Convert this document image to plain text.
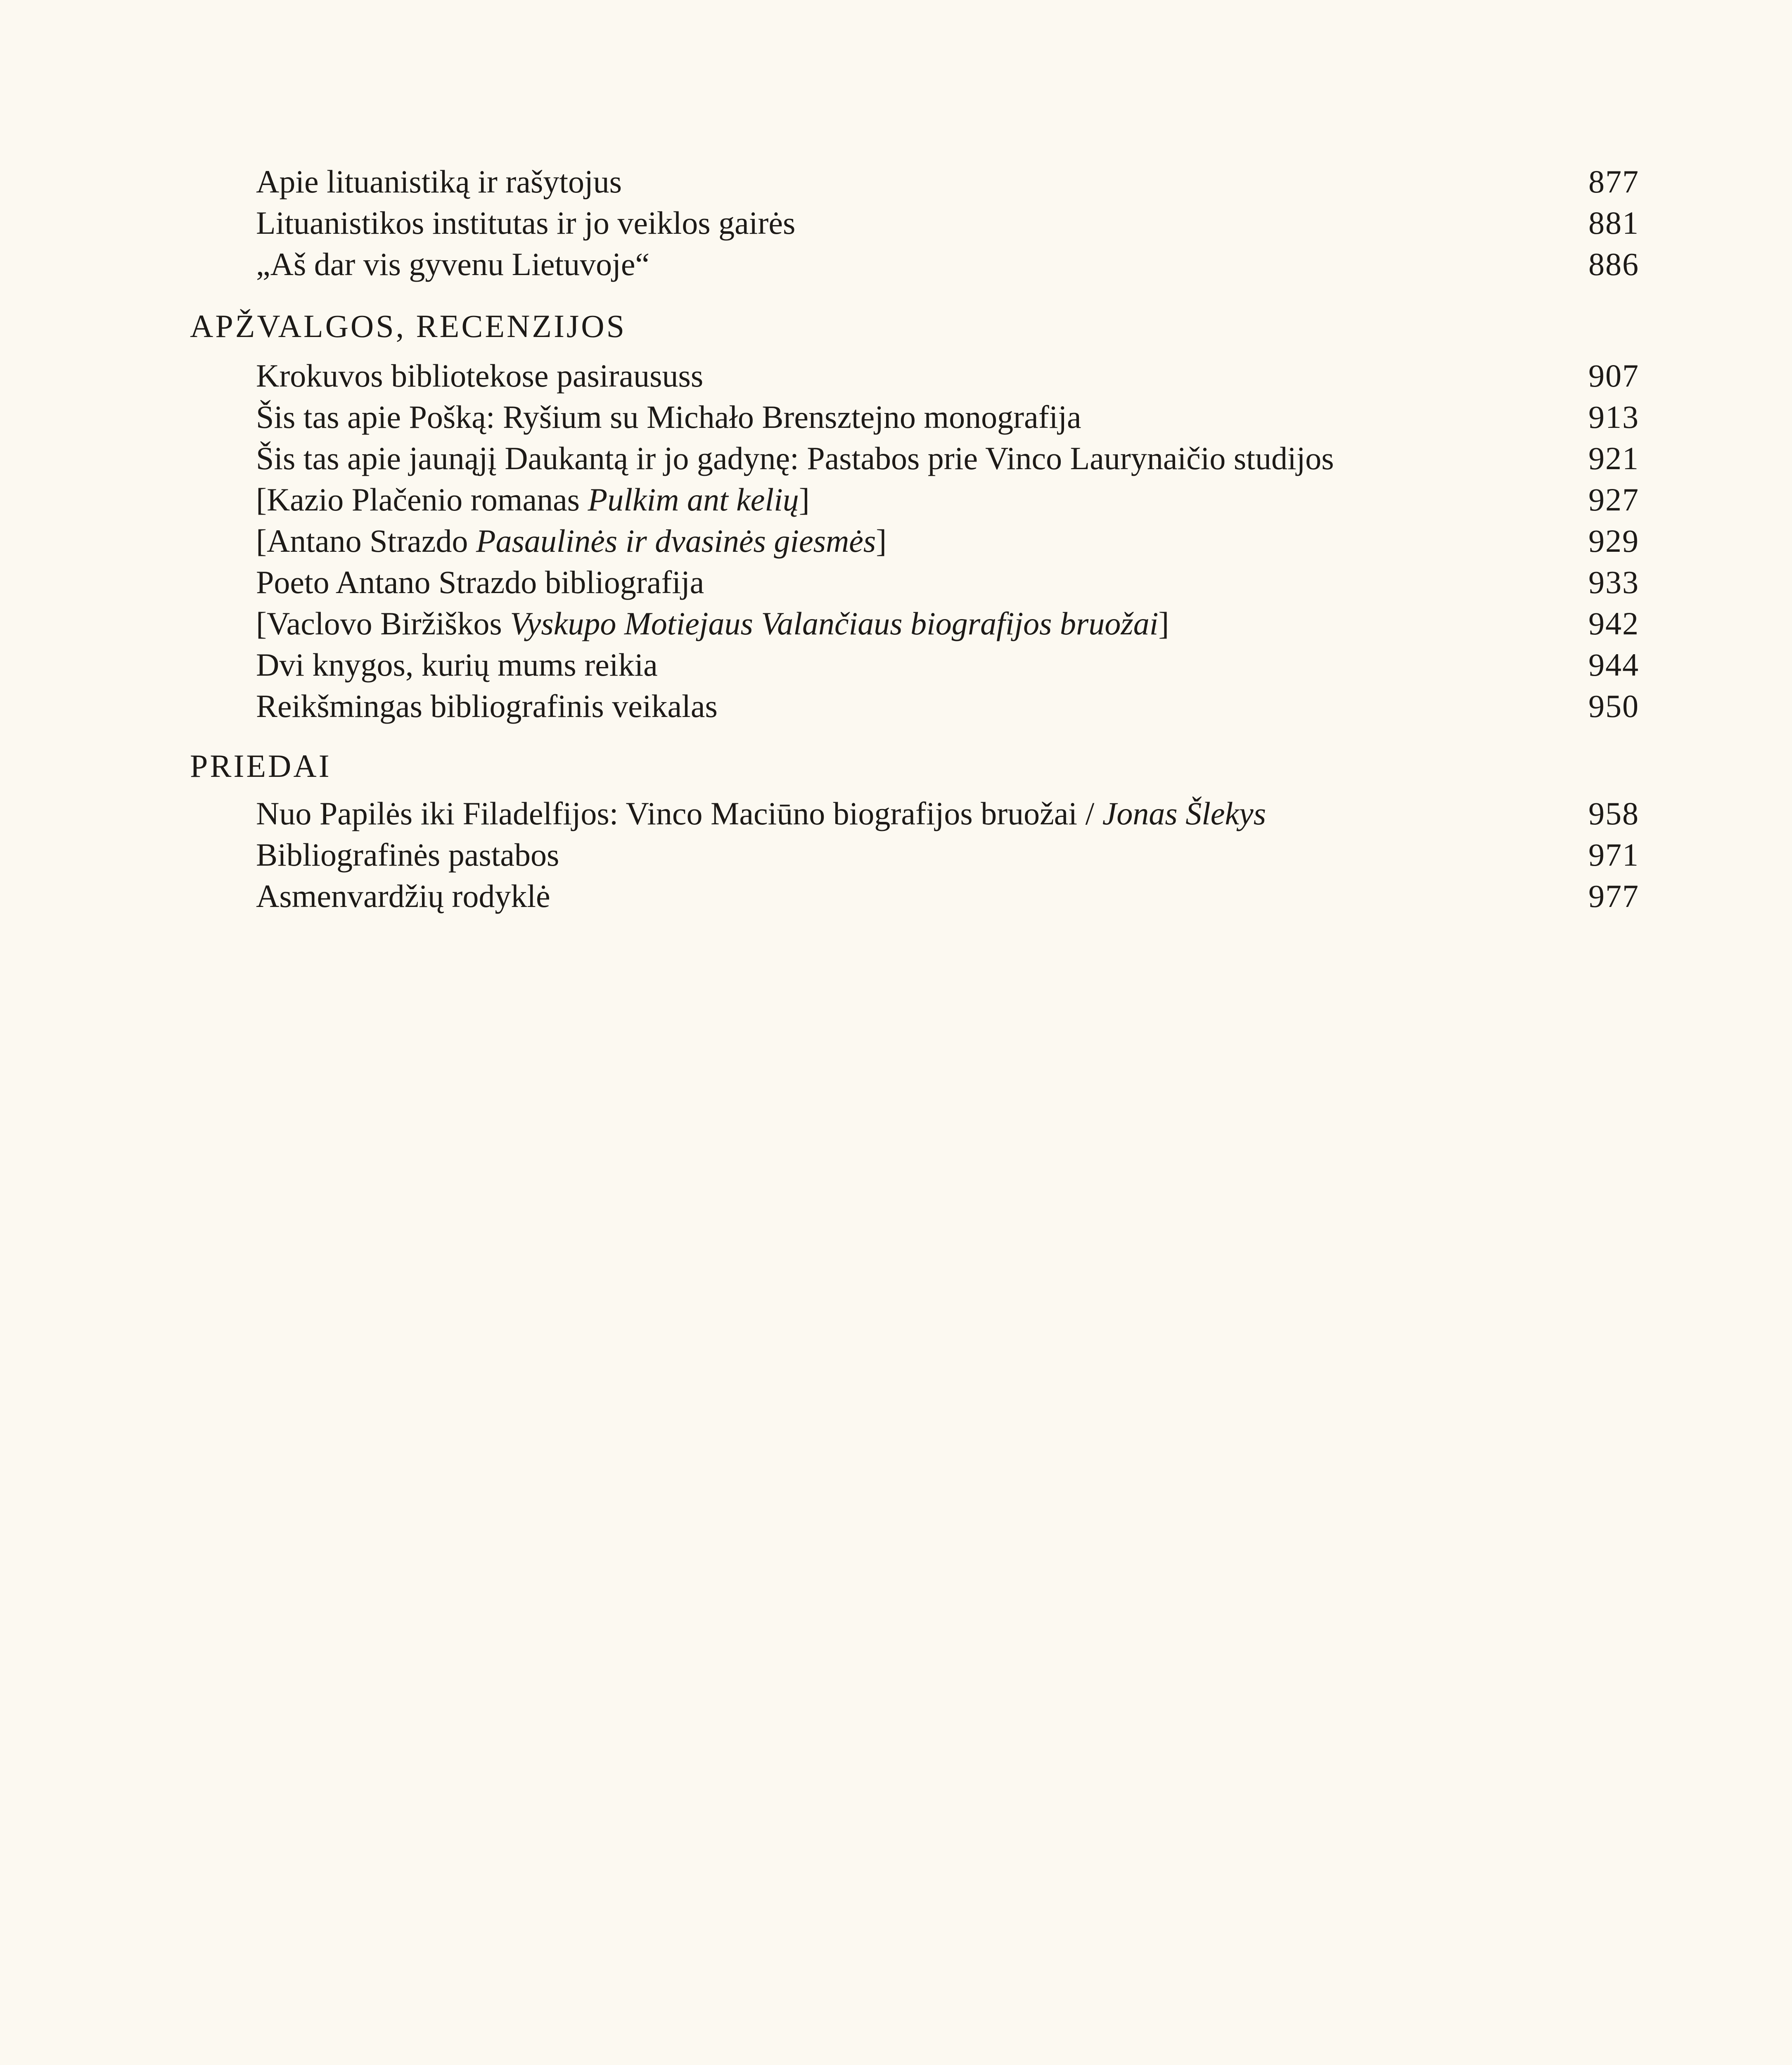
Apie lituanistiką ir rašytojus	877
Lituanistikos institutas ir jo veiklos gairės	881
„Aš dar vis gyvenu Lietuvoje“	886
APŽVALGOS, RECENZIJOS
Krokuvos bibliotekose pasiraususs	907
Šis tas apie Pošką: Ryšium su Michało Brensztejno monografija	913
Šis tas apie jaunąjį Daukantą ir jo gadynę: Pastabos prie Vinco Laurynaičio studijos	921
[Kazio Plačenio romanas Pulkim ant kelių]	927
[Antano Strazdo Pasaulinės ir dvasinės giesmės]	929
Poeto Antano Strazdo bibliografija	933
[Vaclovo Biržiškos Vyskupo Motiejaus Valančiaus biografijos bruožai]	942
Dvi knygos, kurių mums reikia	944
Reikšmingas bibliografinis veikalas	950
PRIEDAI
Nuo Papilės iki Filadelfijos: Vinco Maciūno biografijos bruožai / Jonas Šlekys	958
Bibliografinės pastabos	971
Asmenvardžių rodyklė	977
